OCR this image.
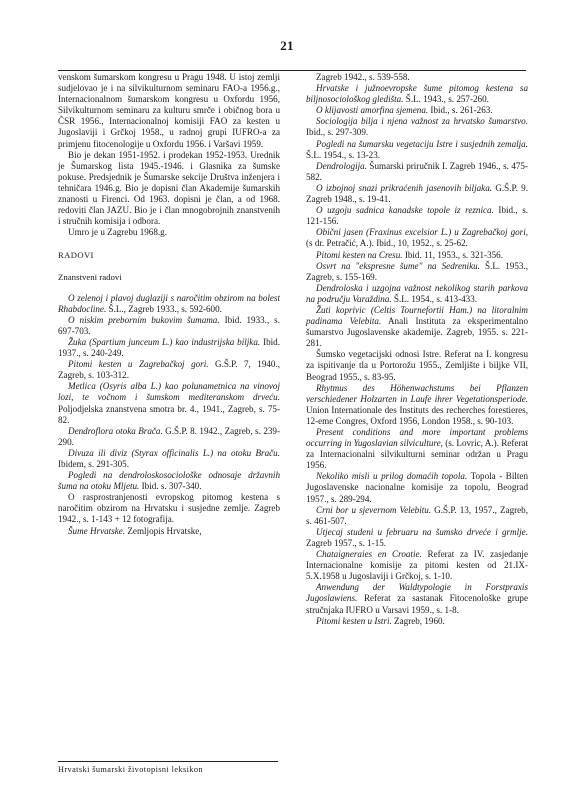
21

venskom šumarskom kongresu u Pragu 1948. U istoj zemlji sudjelovao je i na silvikulturnom seminaru FAO-a 1956.g., Internacionalnom šumarskom kongresu u Oxfordu 1956, Silvikulturnom seminaru za kulturu smrče i običnog bora u ČSR 1956., Internacionalnoj komisiji FAO za kesten u Jugoslaviji i Grčkoj 1958., u radnoj grupi IUFRO-a za primjenu fitocenologije u Oxfordu 1956. i Varšavi 1959.

Bio je dekan 1951-1952. i prodekan 1952-1953. Urednik je Šumarskog lista 1945.-1946. i Glasnika za šumske pokuse. Predsjednik je Šumarske sekcije Društva inženjera i tehničara 1946.g. Bio je dopisni član Akademije šumarskih znanosti u Firenci. Od 1963. dopisni je član, a od 1968. redoviti član JAZU. Bio je i član mnogobrojnih znanstvenih i stručnih komisija i odbora.

Umro je u Zagrebu 1968.g.

RADOVI

Znanstveni radovi

O zelenoj i plavoj duglaziji s naročitim obzirom na bolest Rhabdocline. Š.L., Zagreb 1933., s. 592-600.

O niskim preborním bukovim šumama. Ibid. 1933., s. 697-703.

Žuka (Spartium junceum L.) kao industrijska biljka. Ibid. 1937., s. 240-249.

Pitomi kesten u Zagrebačkoj gori. G.Š.P. 7, 1940., Zagreb, s. 103-312.

Metlica (Osyris alba L.) kao polunametnica na vinovoj lozi, te vočnom i šumskom mediteranskom drveću. Poljodjelska znanstvena smotra br. 4., 1941., Zagreb, s. 75-82.

Dendroflora otoka Brača. G.Š.P. 8. 1942., Zagreb, s. 239-290.

Divuza ili diviz (Styrax officinalis L.) na otoku Braču. Ibidem, s. 291-305.

Pogledi na dendroloskosociološke odnosaje državnih šuma na otoku Mljetu. Ibid. s. 307-340.

O rasprostranjenosti evropskog pitomog kestena s naročitim obzirom na Hrvatsku i susjedne zemlje. Zagreb 1942., s. 1-143 + 12 fotografija.

Šume Hrvatske. Zemljopis Hrvatske,

Zagreb 1942., s. 539-558.

Hrvatske i južnoevropske šume pitomog kestena sa biljnosociološkog gledišta. Š.L. 1943., s. 257-260.

O klijavosti amorfina sjemena. Ibid., s. 261-263.

Sociologija bilja i njena važnost za hrvatsko šumarstvo. Ibid., s. 297-309.

Pogledi na šumarsku vegetaciju Istre i susjednih zemalja. Š.L. 1954., s. 13-23.

Dendrologija. Šumarski priručnik I. Zagreb 1946., s. 475-582.

O izbojnoj snazi prikraćenih jasenovih biljaka. G.Š.P. 9. Zagreb 1948., s. 19-41.

O uzgoju sadnica kanadske topole iz reznica. Ibid., s. 121-156.

Obični jasen (Fraxinus excelsior L.) u Zagrebačkoj gori, (s dr. Petračić, A.). Ibid., 10, 1952., s. 25-62.

Pitomi kesten na Cresu. Ibid. 11, 1953., s. 321-356.

Osvrt na "ekspresne šume" na Sedreniku. Š.L. 1953., Zagreb, s. 155-169.

Dendroloska i uzgojna važnost nekolikog starih parkova na području Varaždina. Š.L. 1954., s. 413-433.

Žuti koprivic (Celtis Tournefortii Ham.) na litoralnim padinama Velebita. Anali Instituta za eksperimentalno šumarstvo Jugoslavenske akademije. Zagreb, 1955. s. 221-281.

Šumsko vegetacijski odnosi Istre. Referat na I. kongresu za ispitivanje tla u Portorožu 1955., Zemljište i biljke VII, Beograd 1955., s. 83-95.

Rhytmus des Höhenwachstums bei Pflanzen verschiedener Holzarten in Laufe ihrer Vegetationsperiode. Union Internationale des Instituts des recherches forestieres, 12-eme Congres, Oxford 1956, London 1958., s. 90-103.

Present conditions and more important problems occurring in Yugoslavian silviculture, (s. Lovric, A.). Referat za Internacionalni silvikulturni seminar održan u Pragu 1956.

Nekoliko misli u prilog domaćih topola. Topola - Bilten Jugoslavenske nacionalne komisije za topolu, Beograd 1957., s. 289-294.

Crni bor u sjevernom Velebitu. G.Š.P. 13, 1957., Zagreb, s. 461-507.

Utjecaj studeni u februaru na šumsko drveće i grmlje. Zagreb 1957., s. 1-15.

Chataigneraies en Croatie. Referat za IV. zasjedanje Internacionalne komisije za pitomi kesten od 21.IX-5.X.1958 u Jugoslaviji i Grčkoj, s. 1-10.

Anwendung der Waldtypologie in Forstpraxis Jugoslawiens. Referat za sastanak Fitocenološke grupe stručnjaka IUFRO u Varsavi 1959., s. 1-8.

Pitomi kesten u Istri. Zagreb, 1960.

Hrvatski šumarski životopisni leksikon
